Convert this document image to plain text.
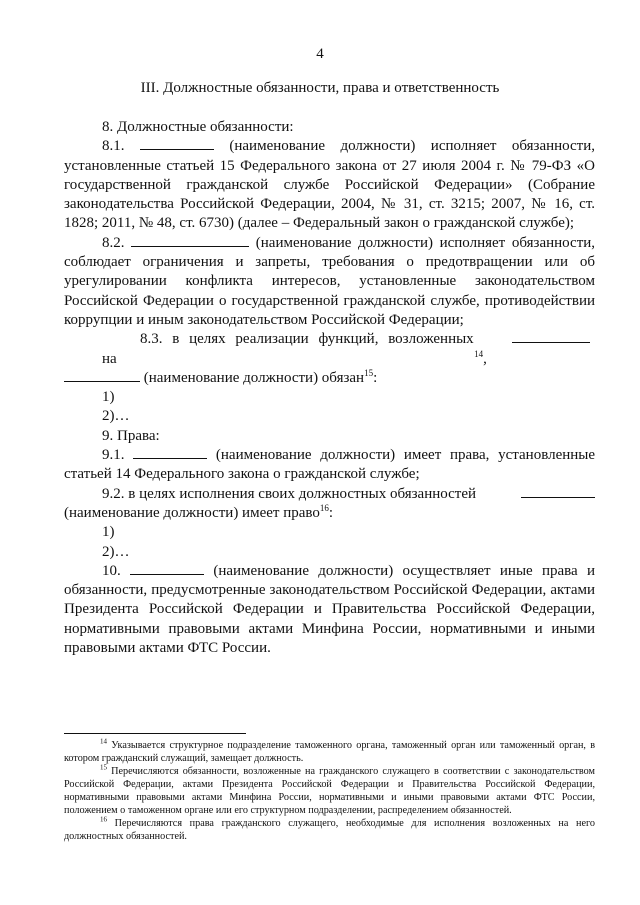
4
III. Должностные обязанности, права и ответственность

8. Должностные обязанности:

8.1.	(наименование должности) исполняет обязанности, установленные статьей 15 Федерального закона от 27 июля 2004 г. № 79-ФЗ «О государственной гражданской службе Российской Федерации» (Собрание законодательства Российской Федерации, 2004, № 31, ст. 3215; 2007, № 16, ст. 1828; 2011, № 48, ст. 6730) (далее – Федеральный закон о гражданской службе);

8.2.	(наименование должности) исполняет обязанности, соблюдает ограничения и запреты, требования о предотвращении или об урегулировании конфликта интересов, установленные законодательством Российской Федерации о государственной гражданской службе, противодействии коррупции и иным законодательством Российской Федерации;

8.3. в целях реализации функций, возложенных на	$^{14}$,

(наименование должности) обязан$^{15}$:

1)

2)…

9. Права:

9.1.	(наименование должности) имеет права, установленные статьей 14 Федерального закона о гражданской службе;

9.2. в целях исполнения своих должностных обязанностей

(наименование должности) имеет право$^{16}$:

1)

2)…

10.	(наименование должности) осуществляет иные права и обязанности, предусмотренные законодательством Российской Федерации, актами Президента Российской Федерации и Правительства Российской Федерации, нормативными правовыми актами Минфина России, нормативными и иными правовыми актами ФТС России.

$^{14}$ Указывается структурное подразделение таможенного органа, таможенный орган или таможенный орган, в котором гражданский служащий, замещает должность.

$^{15}$ Перечисляются обязанности, возложенные на гражданского служащего в соответствии с законодательством Российской Федерации, актами Президента Российской Федерации и Правительства Российской Федерации, нормативными правовыми актами Минфина России, нормативными и иными правовыми актами ФТС России, положением о таможенном органе или его структурном подразделении, распределением обязанностей.

$^{16}$ Перечисляются права гражданского служащего, необходимые для исполнения возложенных на него должностных обязанностей.
